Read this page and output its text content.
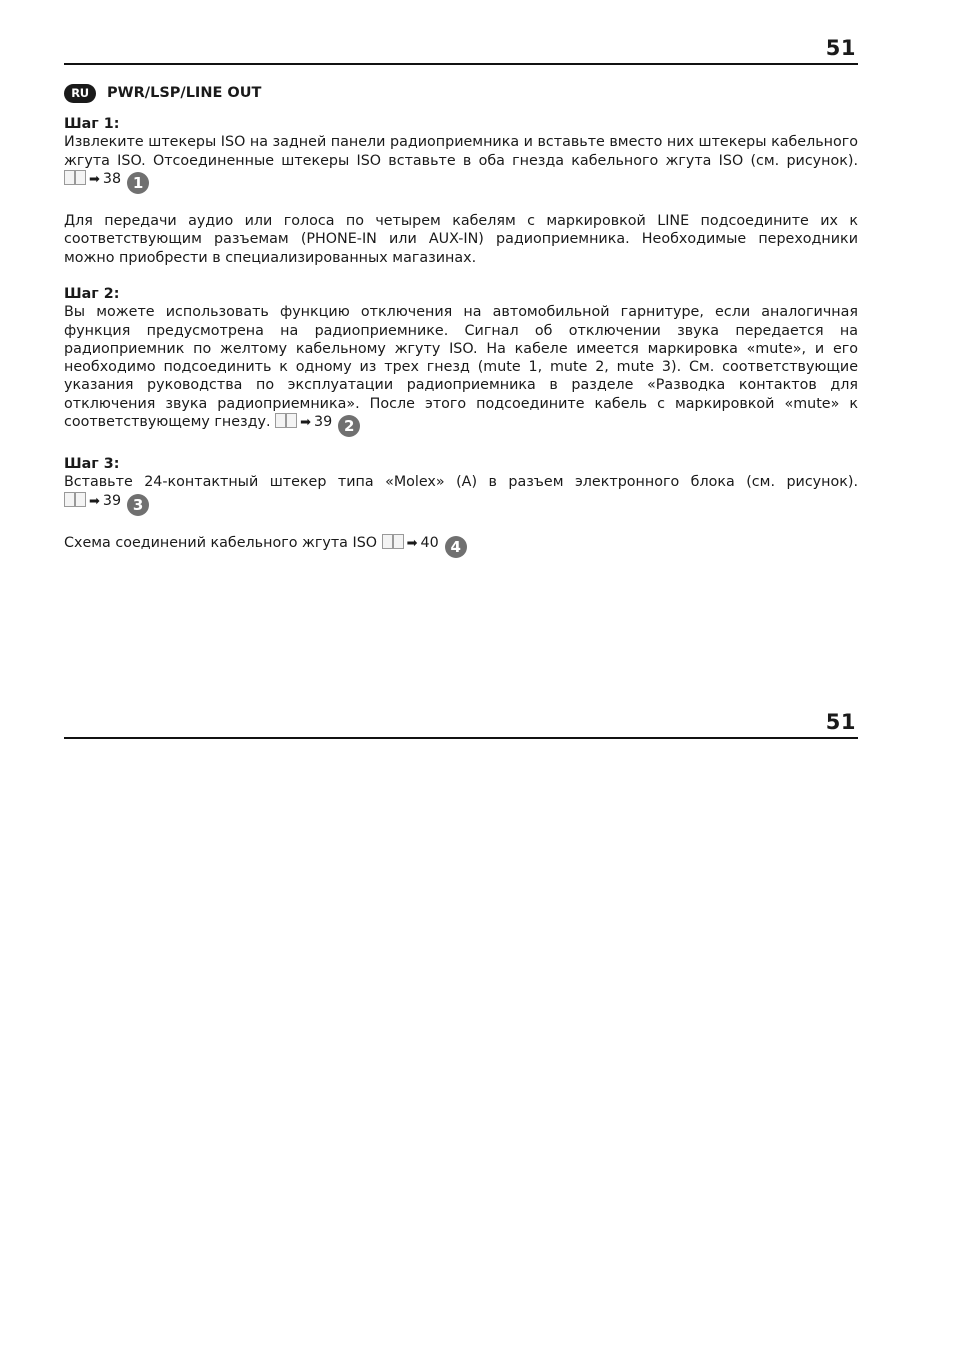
51
RU	PWR/LSP/LINE OUT
Шаг 1:

Извлеките штекеры ISO на задней панели радиоприемника и вставьте вместо них штекеры кабельного жгута ISO. Отсоединенные штекеры ISO вставьте в оба гнезда кабельного жгута ISO (см. рисунок). ➡ 38 1

Для передачи аудио или голоса по четырем кабелям с маркировкой LINE подсоедините их к соответствующим разъемам (PHONE-IN или AUX-IN) радиоприемника. Необходимые переходники можно приобрести в специализированных магазинах.

Шаг 2:

Вы можете использовать функцию отключения на автомобильной гарнитуре, если аналогичная функция предусмотрена на радиоприемнике. Сигнал об отключении звука передается на радиоприемник по желтому кабельному жгуту ISO. На кабеле имеется маркировка «mute», и его необходимо подсоединить к одному из трех гнезд (mute 1, mute 2, mute 3). См. соответствующие указания руководства по эксплуатации радиоприемника в разделе «Разводка контактов для отключения звука радиоприемника». После этого подсоедините кабель с маркировкой «mute» к соответствующему гнезду. ➡ 39 2

Шаг 3:

Вставьте 24-контактный штекер типа «Molex» (A) в разъем электронного блока (см. рисунок). ➡ 39 3

Схема соединений кабельного жгута ISO ➡ 40 4

51
